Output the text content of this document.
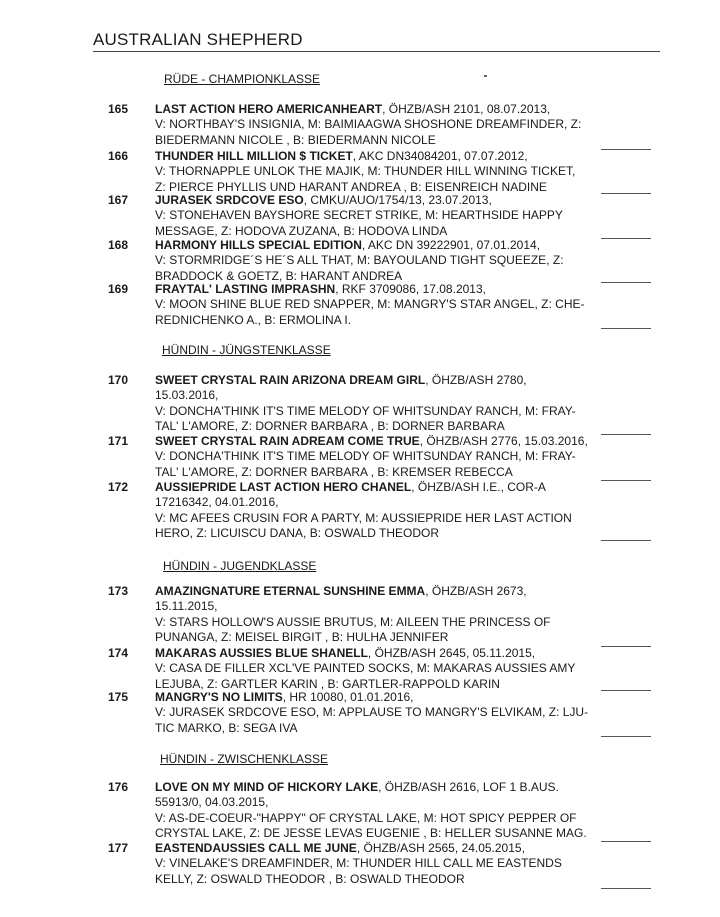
AUSTRALIAN SHEPHERD
RÜDE - CHAMPIONKLASSE
165 LAST ACTION HERO AMERICANHEART, ÖHZB/ASH 2101, 08.07.2013,
V: NORTHBAY'S INSIGNIA, M: BAIMIAAGWA SHOSHONE DREAMFINDER, Z:
BIEDERMANN NICOLE , B: BIEDERMANN NICOLE
166 THUNDER HILL MILLION $ TICKET, AKC DN34084201, 07.07.2012,
V: THORNAPPLE UNLOK THE MAJIK, M: THUNDER HILL WINNING TICKET,
Z: PIERCE PHYLLIS UND HARANT ANDREA , B: EISENREICH NADINE
167 JURASEK SRDCOVE ESO, CMKU/AUO/1754/13, 23.07.2013,
V: STONEHAVEN BAYSHORE SECRET STRIKE, M: HEARTHSIDE HAPPY
MESSAGE, Z: HODOVA ZUZANA, B: HODOVA LINDA
168 HARMONY HILLS SPECIAL EDITION, AKC DN 39222901, 07.01.2014,
V: STORMRIDGE´S HE´S ALL THAT, M: BAYOULAND TIGHT SQUEEZE, Z:
BRADDOCK & GOETZ, B: HARANT ANDREA
169 FRAYTAL' LASTING IMPRASHN, RKF 3709086, 17.08.2013,
V: MOON SHINE BLUE RED SNAPPER, M: MANGRY'S STAR ANGEL, Z: CHE-
REDNICHENKO A., B: ERMOLINA I.
HÜNDIN - JÜNGSTENKLASSE
170 SWEET CRYSTAL RAIN ARIZONA DREAM GIRL, ÖHZB/ASH 2780,
15.03.2016,
V: DONCHA'THINK IT'S TIME MELODY OF WHITSUNDAY RANCH, M: FRAY-
TAL' L'AMORE, Z: DORNER BARBARA , B: DORNER BARBARA
171 SWEET CRYSTAL RAIN ADREAM COME TRUE, ÖHZB/ASH 2776, 15.03.2016,
V: DONCHA'THINK IT'S TIME MELODY OF WHITSUNDAY RANCH, M: FRAY-
TAL' L'AMORE, Z: DORNER BARBARA , B: KREMSER REBECCA
172 AUSSIEPRIDE LAST ACTION HERO CHANEL, ÖHZB/ASH I.E., COR-A
17216342, 04.01.2016,
V: MC AFEES CRUSIN FOR A PARTY, M: AUSSIEPRIDE HER LAST ACTION
HERO, Z: LICUISCU DANA, B: OSWALD THEODOR
HÜNDIN - JUGENDKLASSE
173 AMAZINGNATURE ETERNAL SUNSHINE EMMA, ÖHZB/ASH 2673,
15.11.2015,
V: STARS HOLLOW'S AUSSIE BRUTUS, M: AILEEN THE PRINCESS OF
PUNANGA, Z: MEISEL BIRGIT , B: HULHA JENNIFER
174 MAKARAS AUSSIES BLUE SHANELL, ÖHZB/ASH 2645, 05.11.2015,
V: CASA DE FILLER XCL'VE PAINTED SOCKS, M: MAKARAS AUSSIES AMY
LEJUBA, Z: GARTLER KARIN , B: GARTLER-RAPPOLD KARIN
175 MANGRY'S NO LIMITS, HR 10080, 01.01.2016,
V: JURASEK SRDCOVE ESO, M: APPLAUSE TO MANGRY'S ELVIKAM, Z: LJU-
TIC MARKO, B: SEGA IVA
HÜNDIN - ZWISCHENKLASSE
176 LOVE ON MY MIND OF HICKORY LAKE, ÖHZB/ASH 2616, LOF 1 B.AUS.
55913/0, 04.03.2015,
V: AS-DE-COEUR-"HAPPY" OF CRYSTAL LAKE, M: HOT SPICY PEPPER OF
CRYSTAL LAKE, Z: DE JESSE LEVAS EUGENIE , B: HELLER SUSANNE MAG.
177 EASTENDAUSSIES CALL ME JUNE, ÖHZB/ASH 2565, 24.05.2015,
V: VINELAKE'S DREAMFINDER, M: THUNDER HILL CALL ME EASTENDS
KELLY, Z: OSWALD THEODOR , B: OSWALD THEODOR
